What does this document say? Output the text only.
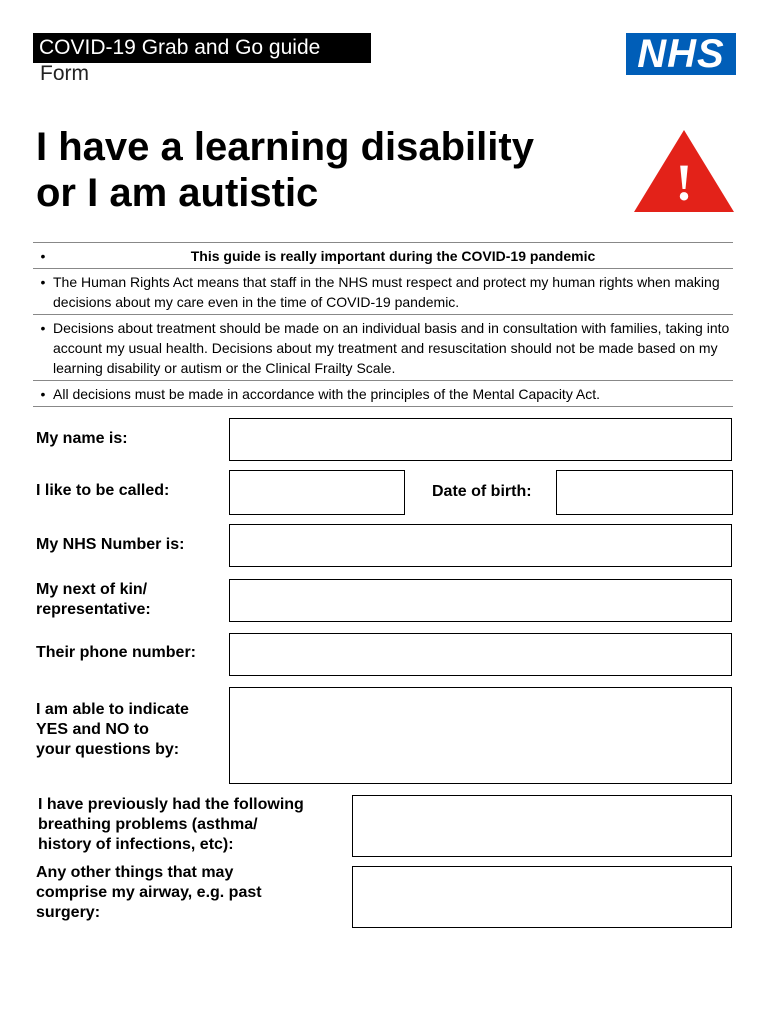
COVID-19 Grab and Go guide
Form	NHS
I have a learning disability
or I am autistic	!
•	This guide is really important during the COVID-19 pandemic
• The Human Rights Act means that staff in the NHS must respect and protect my human rights when making decisions about my care even in the time of COVID-19 pandemic.
• Decisions about treatment should be made on an individual basis and in consultation with families, taking into account my usual health. Decisions about my treatment and resuscitation should not be made based on my learning disability or autism or the Clinical Frailty Scale.
• All decisions must be made in accordance with the principles of the Mental Capacity Act.
My name is:
I like to be called:	Date of birth:
My NHS Number is:
My next of kin/
representative:
Their phone number:
I am able to indicate
YES and NO to
your questions by:
I have previously had the following
breathing problems (asthma/
history of infections, etc):
Any other things that may
comprise my airway, e.g. past
surgery:
